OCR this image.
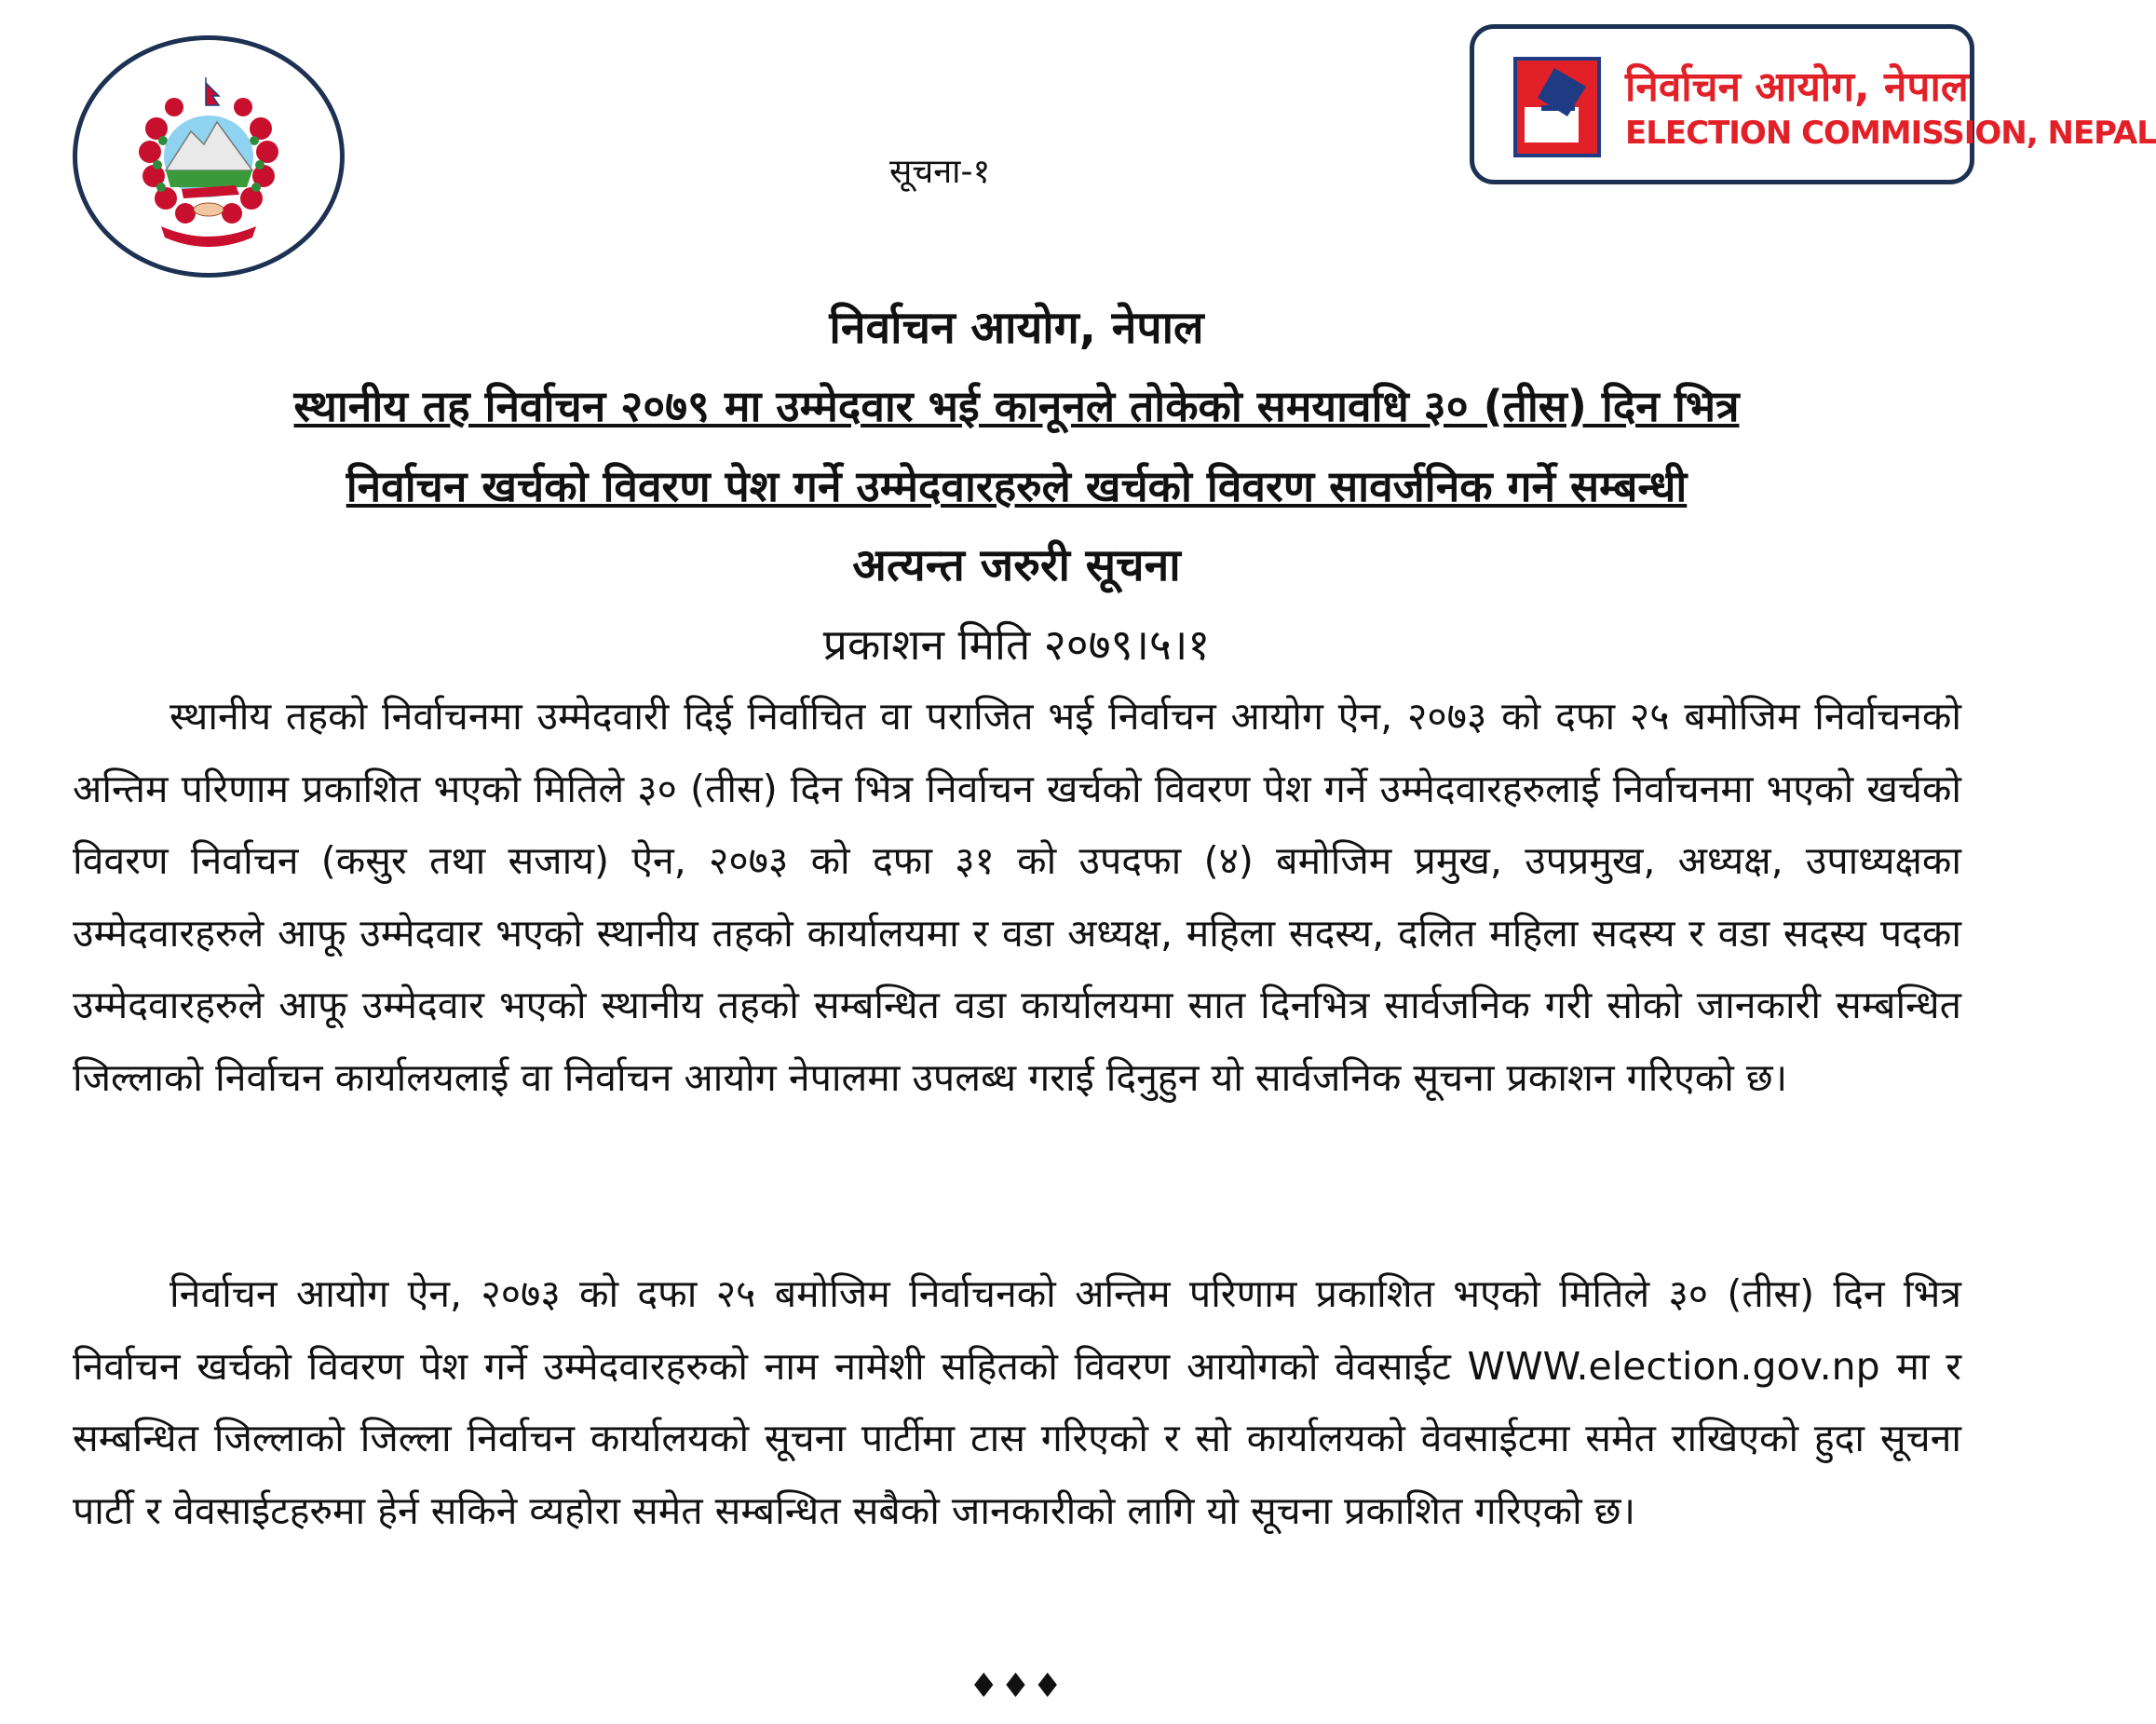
सूचना-१
निर्वाचन आयोग, नेपाल
ELECTION COMMISSION, NEPAL
निर्वाचन आयोग, नेपाल
स्थानीय तह निर्वाचन २०७९ मा उम्मेदवार भई कानूनले तोकेको समयावधि ३० (तीस) दिन भित्र
निर्वाचन खर्चको विवरण पेश गर्ने उम्मेदवारहरुले खर्चको विवरण सावर्जनिक गर्ने सम्बन्धी
अत्यन्त जरुरी सूचना
प्रकाशन मिति २०७९।५।१
स्थानीय तहको निर्वाचनमा उम्मेदवारी दिई निर्वाचित वा पराजित भई निर्वाचन आयोग ऐन, २०७३ को दफा २५ बमोजिम निर्वाचनको अन्तिम परिणाम प्रकाशित भएको मितिले ३० (तीस) दिन भित्र निर्वाचन खर्चको विवरण पेश गर्ने उम्मेदवारहरुलाई निर्वाचनमा भएको खर्चको विवरण निर्वाचन (कसुर तथा सजाय) ऐन, २०७३ को दफा ३१ को उपदफा (४) बमोजिम प्रमुख, उपप्रमुख, अध्यक्ष, उपाध्यक्षका उम्मेदवारहरुले आफू उम्मेदवार भएको स्थानीय तहको कार्यालयमा र वडा अध्यक्ष, महिला सदस्य, दलित महिला सदस्य र वडा सदस्य पदका उम्मेदवारहरुले आफू उम्मेदवार भएको स्थानीय तहको सम्बन्धित वडा कार्यालयमा सात दिनभित्र सार्वजनिक गरी सोको जानकारी सम्बन्धित जिल्लाको निर्वाचन कार्यालयलाई वा निर्वाचन आयोग नेपालमा उपलब्ध गराई दिनुहुन यो सार्वजनिक सूचना प्रकाशन गरिएको छ।
निर्वाचन आयोग ऐन, २०७३ को दफा २५ बमोजिम निर्वाचनको अन्तिम परिणाम प्रकाशित भएको मितिले ३० (तीस) दिन भित्र निर्वाचन खर्चको विवरण पेश गर्ने उम्मेदवारहरुको नाम नामेशी सहितको विवरण आयोगको वेवसाईट WWW.election.gov.np मा र सम्बन्धित जिल्लाको जिल्ला निर्वाचन कार्यालयको सूचना पार्टीमा टास गरिएको र सो कार्यालयको वेवसाईटमा समेत राखिएको हुदा सूचना पार्टी र वेवसाईटहरुमा हेर्न सकिने व्यहोरा समेत सम्बन्धित सबैको जानकारीको लागि यो सूचना प्रकाशित गरिएको छ।
♦♦♦
